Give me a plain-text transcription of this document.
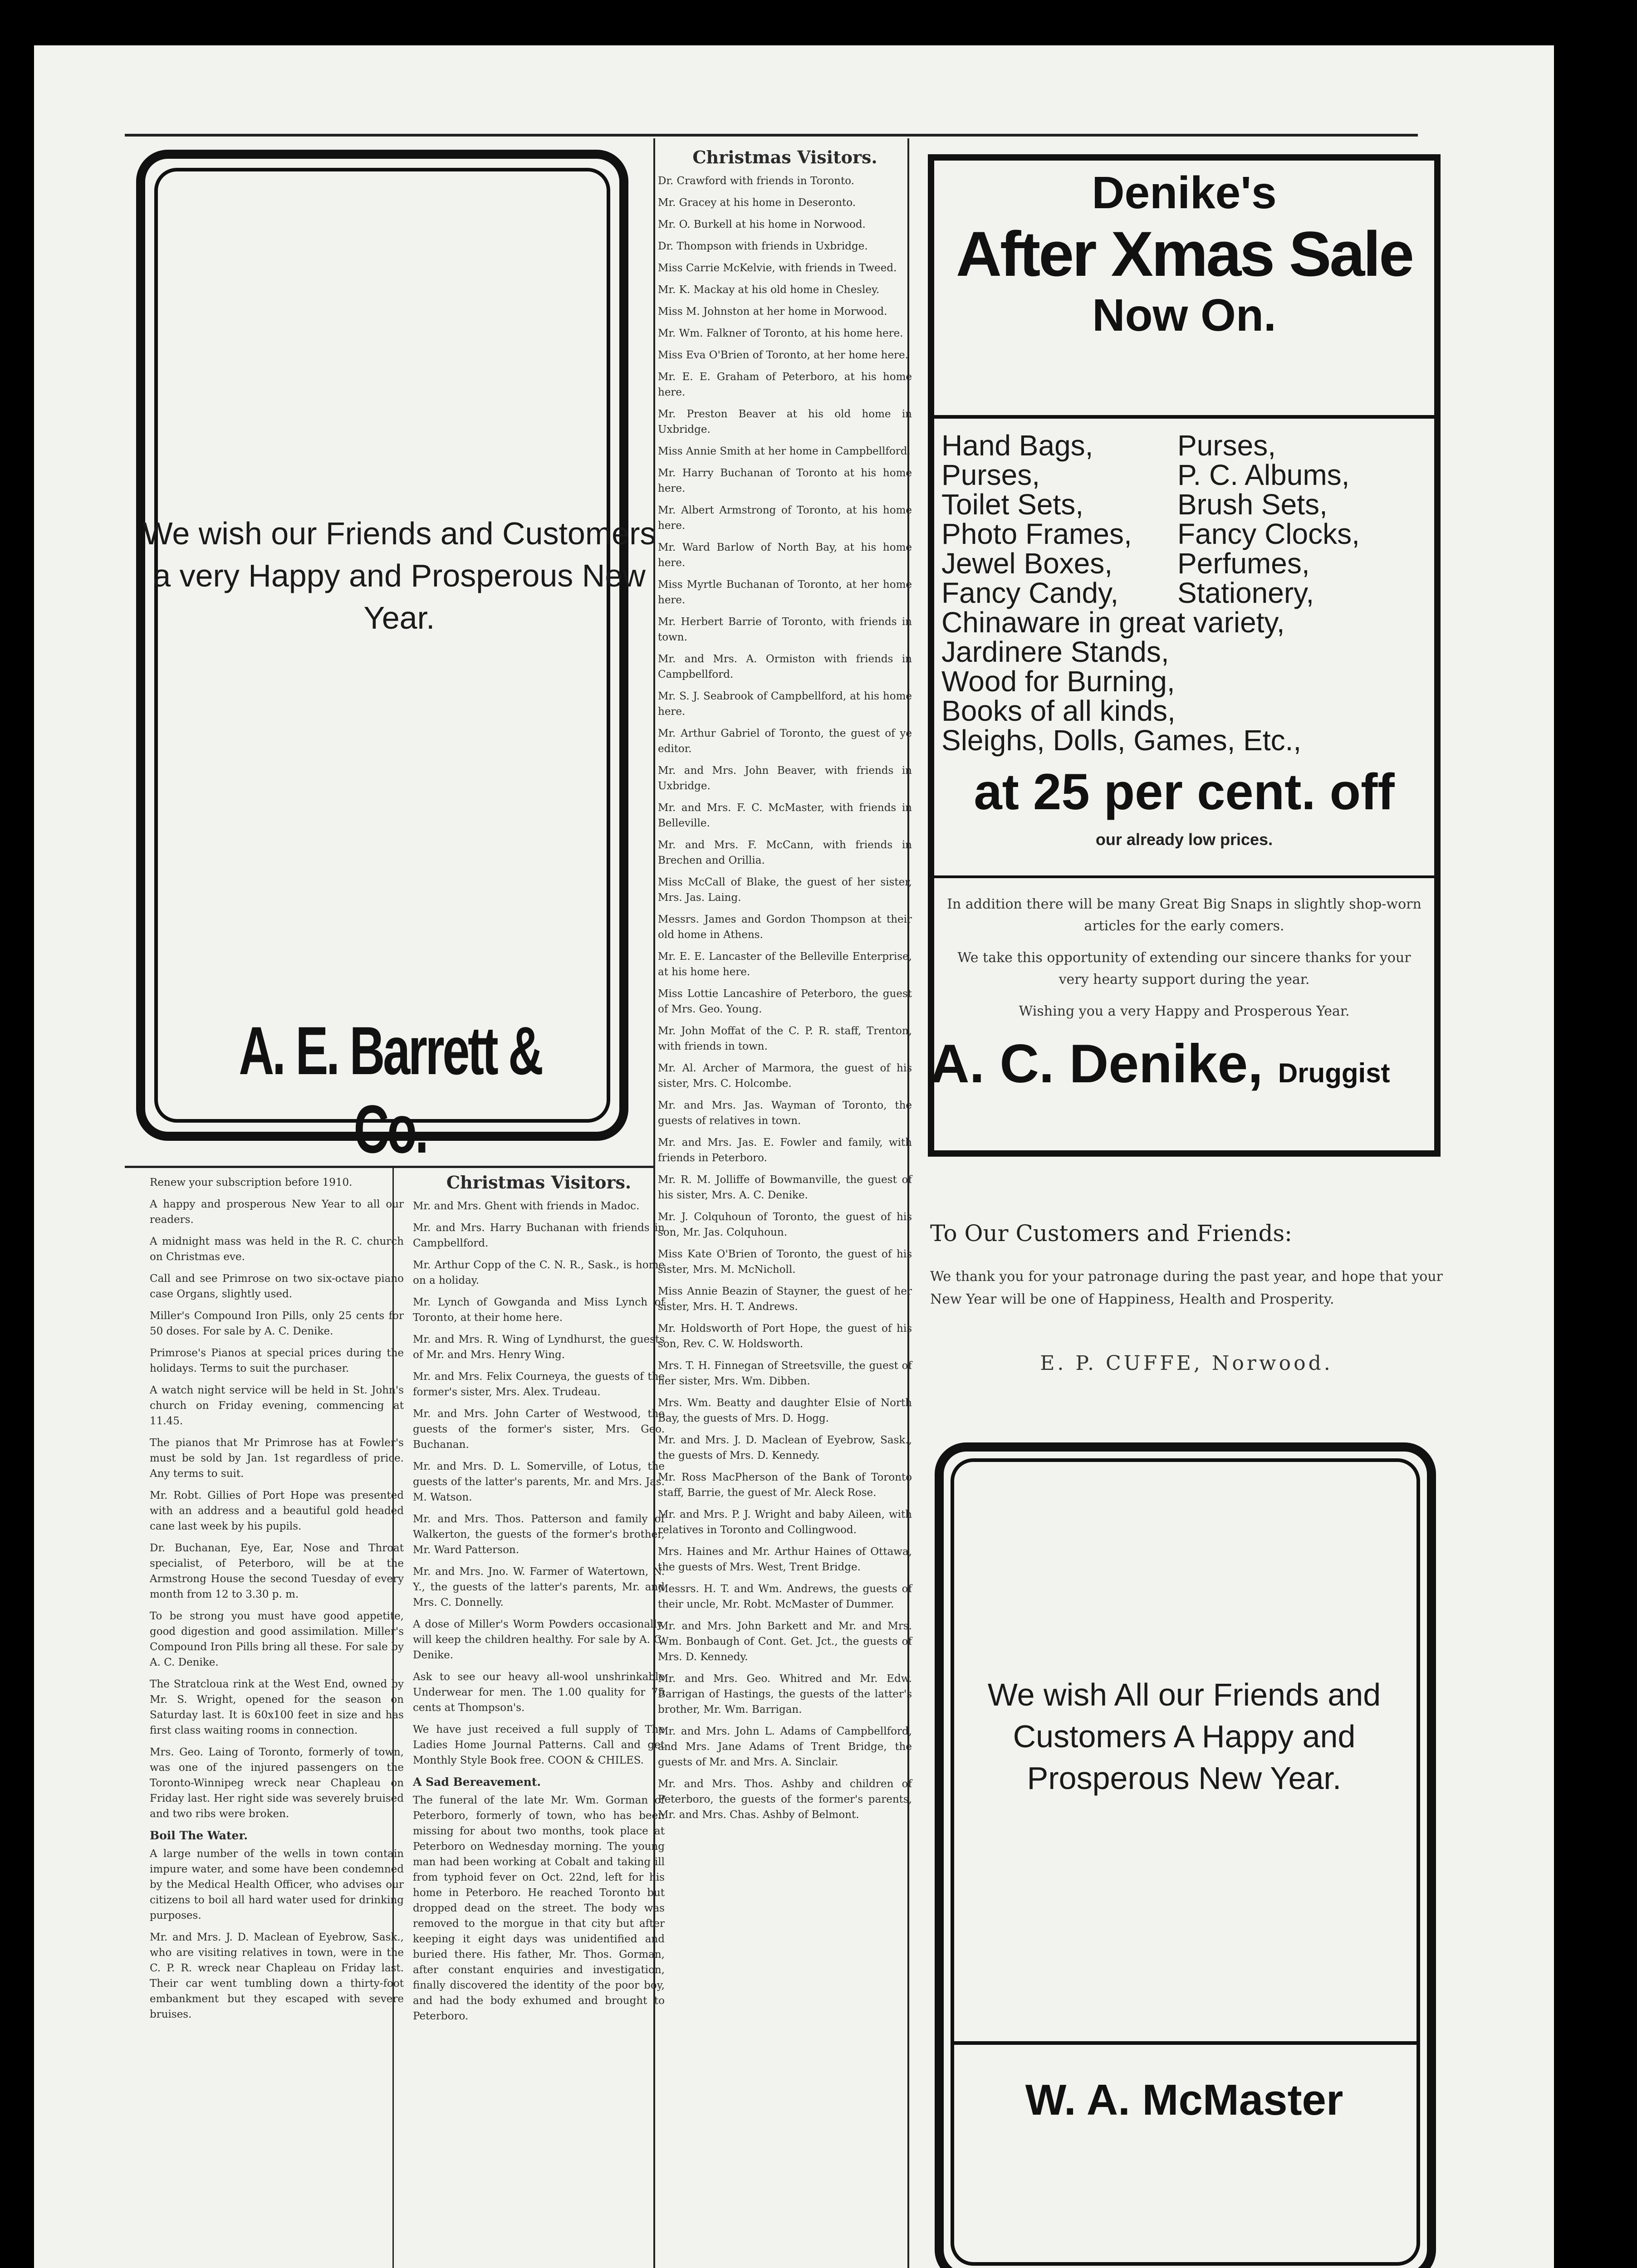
We wish our Friends and Customers a very Happy and Prosperous New Year.
A. E. Barrett & Co.
Christmas Visitors.

Dr. Crawford with friends in Toronto.

Mr. Gracey at his home in Deseronto.

Mr. O. Burkell at his home in Norwood.

Dr. Thompson with friends in Uxbridge.

Miss Carrie McKelvie, with friends in Tweed.

Mr. K. Mackay at his old home in Chesley.

Miss M. Johnston at her home in Morwood.

Mr. Wm. Falkner of Toronto, at his home here.

Miss Eva O'Brien of Toronto, at her home here.

Mr. E. E. Graham of Peterboro, at his home here.

Mr. Preston Beaver at his old home in Uxbridge.

Miss Annie Smith at her home in Campbellford.

Mr. Harry Buchanan of Toronto at his home here.

Mr. Albert Armstrong of Toronto, at his home here.

Mr. Ward Barlow of North Bay, at his home here.

Miss Myrtle Buchanan of Toronto, at her home here.

Mr. Herbert Barrie of Toronto, with friends in town.

Mr. and Mrs. A. Ormiston with friends in Campbellford.

Mr. S. J. Seabrook of Campbellford, at his home here.

Mr. Arthur Gabriel of Toronto, the guest of ye editor.

Mr. and Mrs. John Beaver, with friends in Uxbridge.

Mr. and Mrs. F. C. McMaster, with friends in Belleville.

Mr. and Mrs. F. McCann, with friends in Brechen and Orillia.

Miss McCall of Blake, the guest of her sister, Mrs. Jas. Laing.

Messrs. James and Gordon Thompson at their old home in Athens.

Mr. E. E. Lancaster of the Belleville Enterprise, at his home here.

Miss Lottie Lancashire of Peterboro, the guest of Mrs. Geo. Young.

Mr. John Moffat of the C. P. R. staff, Trenton, with friends in town.

Mr. Al. Archer of Marmora, the guest of his sister, Mrs. C. Holcombe.

Mr. and Mrs. Jas. Wayman of Toronto, the guests of relatives in town.

Mr. and Mrs. Jas. E. Fowler and family, with friends in Peterboro.

Mr. R. M. Jolliffe of Bowmanville, the guest of his sister, Mrs. A. C. Denike.

Mr. J. Colquhoun of Toronto, the guest of his son, Mr. Jas. Colquhoun.

Miss Kate O'Brien of Toronto, the guest of his sister, Mrs. M. McNicholl.

Miss Annie Beazin of Stayner, the guest of her sister, Mrs. H. T. Andrews.

Mr. Holdsworth of Port Hope, the guest of his son, Rev. C. W. Holdsworth.

Mrs. T. H. Finnegan of Streetsville, the guest of her sister, Mrs. Wm. Dibben.

Mrs. Wm. Beatty and daughter Elsie of North Bay, the guests of Mrs. D. Hogg.

Mr. and Mrs. J. D. Maclean of Eyebrow, Sask., the guests of Mrs. D. Kennedy.

Mr. Ross MacPherson of the Bank of Toronto staff, Barrie, the guest of Mr. Aleck Rose.

Mr. and Mrs. P. J. Wright and baby Aileen, with relatives in Toronto and Collingwood.

Mrs. Haines and Mr. Arthur Haines of Ottawa, the guests of Mrs. West, Trent Bridge.

Messrs. H. T. and Wm. Andrews, the guests of their uncle, Mr. Robt. McMaster of Dummer.

Mr. and Mrs. John Barkett and Mr. and Mrs. Wm. Bonbaugh of Cont. Get. Jct., the guests of Mrs. D. Kennedy.

Mr. and Mrs. Geo. Whitred and Mr. Edw. Barrigan of Hastings, the guests of the latter's brother, Mr. Wm. Barrigan.

Mr. and Mrs. John L. Adams of Campbellford, and Mrs. Jane Adams of Trent Bridge, the guests of Mr. and Mrs. A. Sinclair.

Mr. and Mrs. Thos. Ashby and children of Peterboro, the guests of the former's parents, Mr. and Mrs. Chas. Ashby of Belmont.

Renew your subscription before 1910.

A happy and prosperous New Year to all our readers.

A midnight mass was held in the R. C. church on Christmas eve.

Call and see Primrose on two six-octave piano case Organs, slightly used.

Miller's Compound Iron Pills, only 25 cents for 50 doses. For sale by A. C. Denike.

Primrose's Pianos at special prices during the holidays. Terms to suit the purchaser.

A watch night service will be held in St. John's church on Friday evening, commencing at 11.45.

The pianos that Mr Primrose has at Fowler's must be sold by Jan. 1st regardless of price. Any terms to suit.

Mr. Robt. Gillies of Port Hope was presented with an address and a beautiful gold headed cane last week by his pupils.

Dr. Buchanan, Eye, Ear, Nose and Throat specialist, of Peterboro, will be at the Armstrong House the second Tuesday of every month from 12 to 3.30 p. m.

To be strong you must have good appetite, good digestion and good assimilation. Miller's Compound Iron Pills bring all these. For sale by A. C. Denike.

The Stratcloua rink at the West End, owned by Mr. S. Wright, opened for the season on Saturday last. It is 60x100 feet in size and has first class waiting rooms in connection.

Mrs. Geo. Laing of Toronto, formerly of town, was one of the injured passengers on the Toronto-Winnipeg wreck near Chapleau on Friday last. Her right side was severely bruised and two ribs were broken.

Boil The Water.

A large number of the wells in town contain impure water, and some have been condemned by the Medical Health Officer, who advises our citizens to boil all hard water used for drinking purposes.

Mr. and Mrs. J. D. Maclean of Eyebrow, Sask., who are visiting relatives in town, were in the C. P. R. wreck near Chapleau on Friday last. Their car went tumbling down a thirty-foot embankment but they escaped with severe bruises.

Christmas Visitors.

Mr. and Mrs. Ghent with friends in Madoc.

Mr. and Mrs. Harry Buchanan with friends in Campbellford.

Mr. Arthur Copp of the C. N. R., Sask., is home on a holiday.

Mr. Lynch of Gowganda and Miss Lynch of Toronto, at their home here.

Mr. and Mrs. R. Wing of Lyndhurst, the guests of Mr. and Mrs. Henry Wing.

Mr. and Mrs. Felix Courneya, the guests of the former's sister, Mrs. Alex. Trudeau.

Mr. and Mrs. John Carter of Westwood, the guests of the former's sister, Mrs. Geo. Buchanan.

Mr. and Mrs. D. L. Somerville, of Lotus, the guests of the latter's parents, Mr. and Mrs. Jas. M. Watson.

Mr. and Mrs. Thos. Patterson and family of Walkerton, the guests of the former's brother, Mr. Ward Patterson.

Mr. and Mrs. Jno. W. Farmer of Watertown, N. Y., the guests of the latter's parents, Mr. and Mrs. C. Donnelly.

A dose of Miller's Worm Powders occasionally, will keep the children healthy. For sale by A. C. Denike.

Ask to see our heavy all-wool unshrinkable Underwear for men. The 1.00 quality for 75 cents at Thompson's.

We have just received a full supply of The Ladies Home Journal Patterns. Call and get Monthly Style Book free. COON & CHILES.

A Sad Bereavement.

The funeral of the late Mr. Wm. Gorman of Peterboro, formerly of town, who has been missing for about two months, took place at Peterboro on Wednesday morning. The young man had been working at Cobalt and taking ill from typhoid fever on Oct. 22nd, left for his home in Peterboro. He reached Toronto but dropped dead on the street. The body was removed to the morgue in that city but after keeping it eight days was unidentified and buried there. His father, Mr. Thos. Gorman, after constant enquiries and investigation, finally discovered the identity of the poor boy, and had the body exhumed and brought to Peterboro.

Denike's
After Xmas Sale
Now On.
Hand Bags,	Purses,
Purses,	P. C. Albums,
Toilet Sets,	Brush Sets,
Photo Frames,	Fancy Clocks,
Jewel Boxes,	Perfumes,
Fancy Candy,	Stationery,
Chinaware in great variety,
Jardinere Stands,
Wood for Burning,
Books of all kinds,
Sleighs, Dolls, Games, Etc.,
at 25 per cent. off
our already low prices.

In addition there will be many Great Big Snaps in slightly shop-worn articles for the early comers.

We take this opportunity of extending our sincere thanks for your very hearty support during the year.

Wishing you a very Happy and Prosperous Year.

A. C. Denike, Druggist
To Our Customers and Friends:
We thank you for your patronage during the past year, and hope that your New Year will be one of Happiness, Health and Prosperity.
E. P. CUFFE, Norwood.
We wish All our Friends and Customers A Happy and Prosperous New Year.
W. A. McMaster
